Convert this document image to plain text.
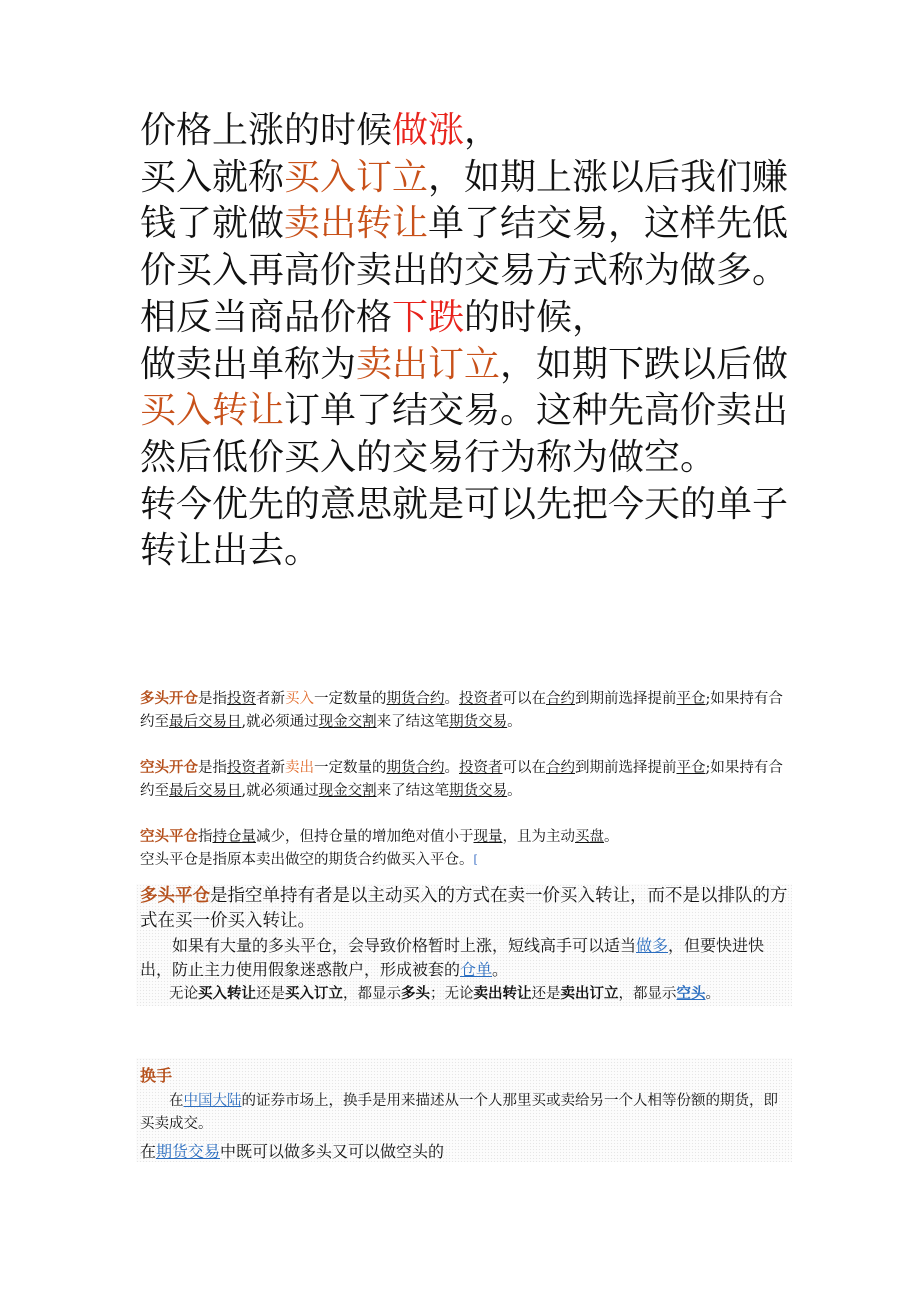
价格上涨的时候做涨，

买入就称买入订立，如期上涨以后我们赚钱了就做卖出转让单了结交易，这样先低价买入再高价卖出的交易方式称为做多。

相反当商品价格下跌的时候，

做卖出单称为卖出订立，如期下跌以后做买入转让订单了结交易。这种先高价卖出然后低价买入的交易行为称为做空。

转今优先的意思就是可以先把今天的单子转让出去。

多头开仓是指投资者新买入一定数量的期货合约。投资者可以在合约到期前选择提前平仓;如果持有合约至最后交易日,就必须通过现金交割来了结这笔期货交易。

空头开仓是指投资者新卖出一定数量的期货合约。投资者可以在合约到期前选择提前平仓;如果持有合约至最后交易日,就必须通过现金交割来了结这笔期货交易。

空头平仓指持仓量减少，但持仓量的增加绝对值小于现量，且为主动买盘。

空头平仓是指原本卖出做空的期货合约做买入平仓。[

多头平仓是指空单持有者是以主动买入的方式在卖一价买入转让，而不是以排队的方式在买一价买入转让。

如果有大量的多头平仓，会导致价格暂时上涨，短线高手可以适当做多，但要快进快出，防止主力使用假象迷惑散户，形成被套的仓单。

无论买入转让还是买入订立，都显示多头；无论卖出转让还是卖出订立，都显示空头。

换手

在中国大陆的证券市场上，换手是用来描述从一个人那里买或卖给另一个人相等份额的期货，即买卖成交。

在期货交易中既可以做多头又可以做空头的
